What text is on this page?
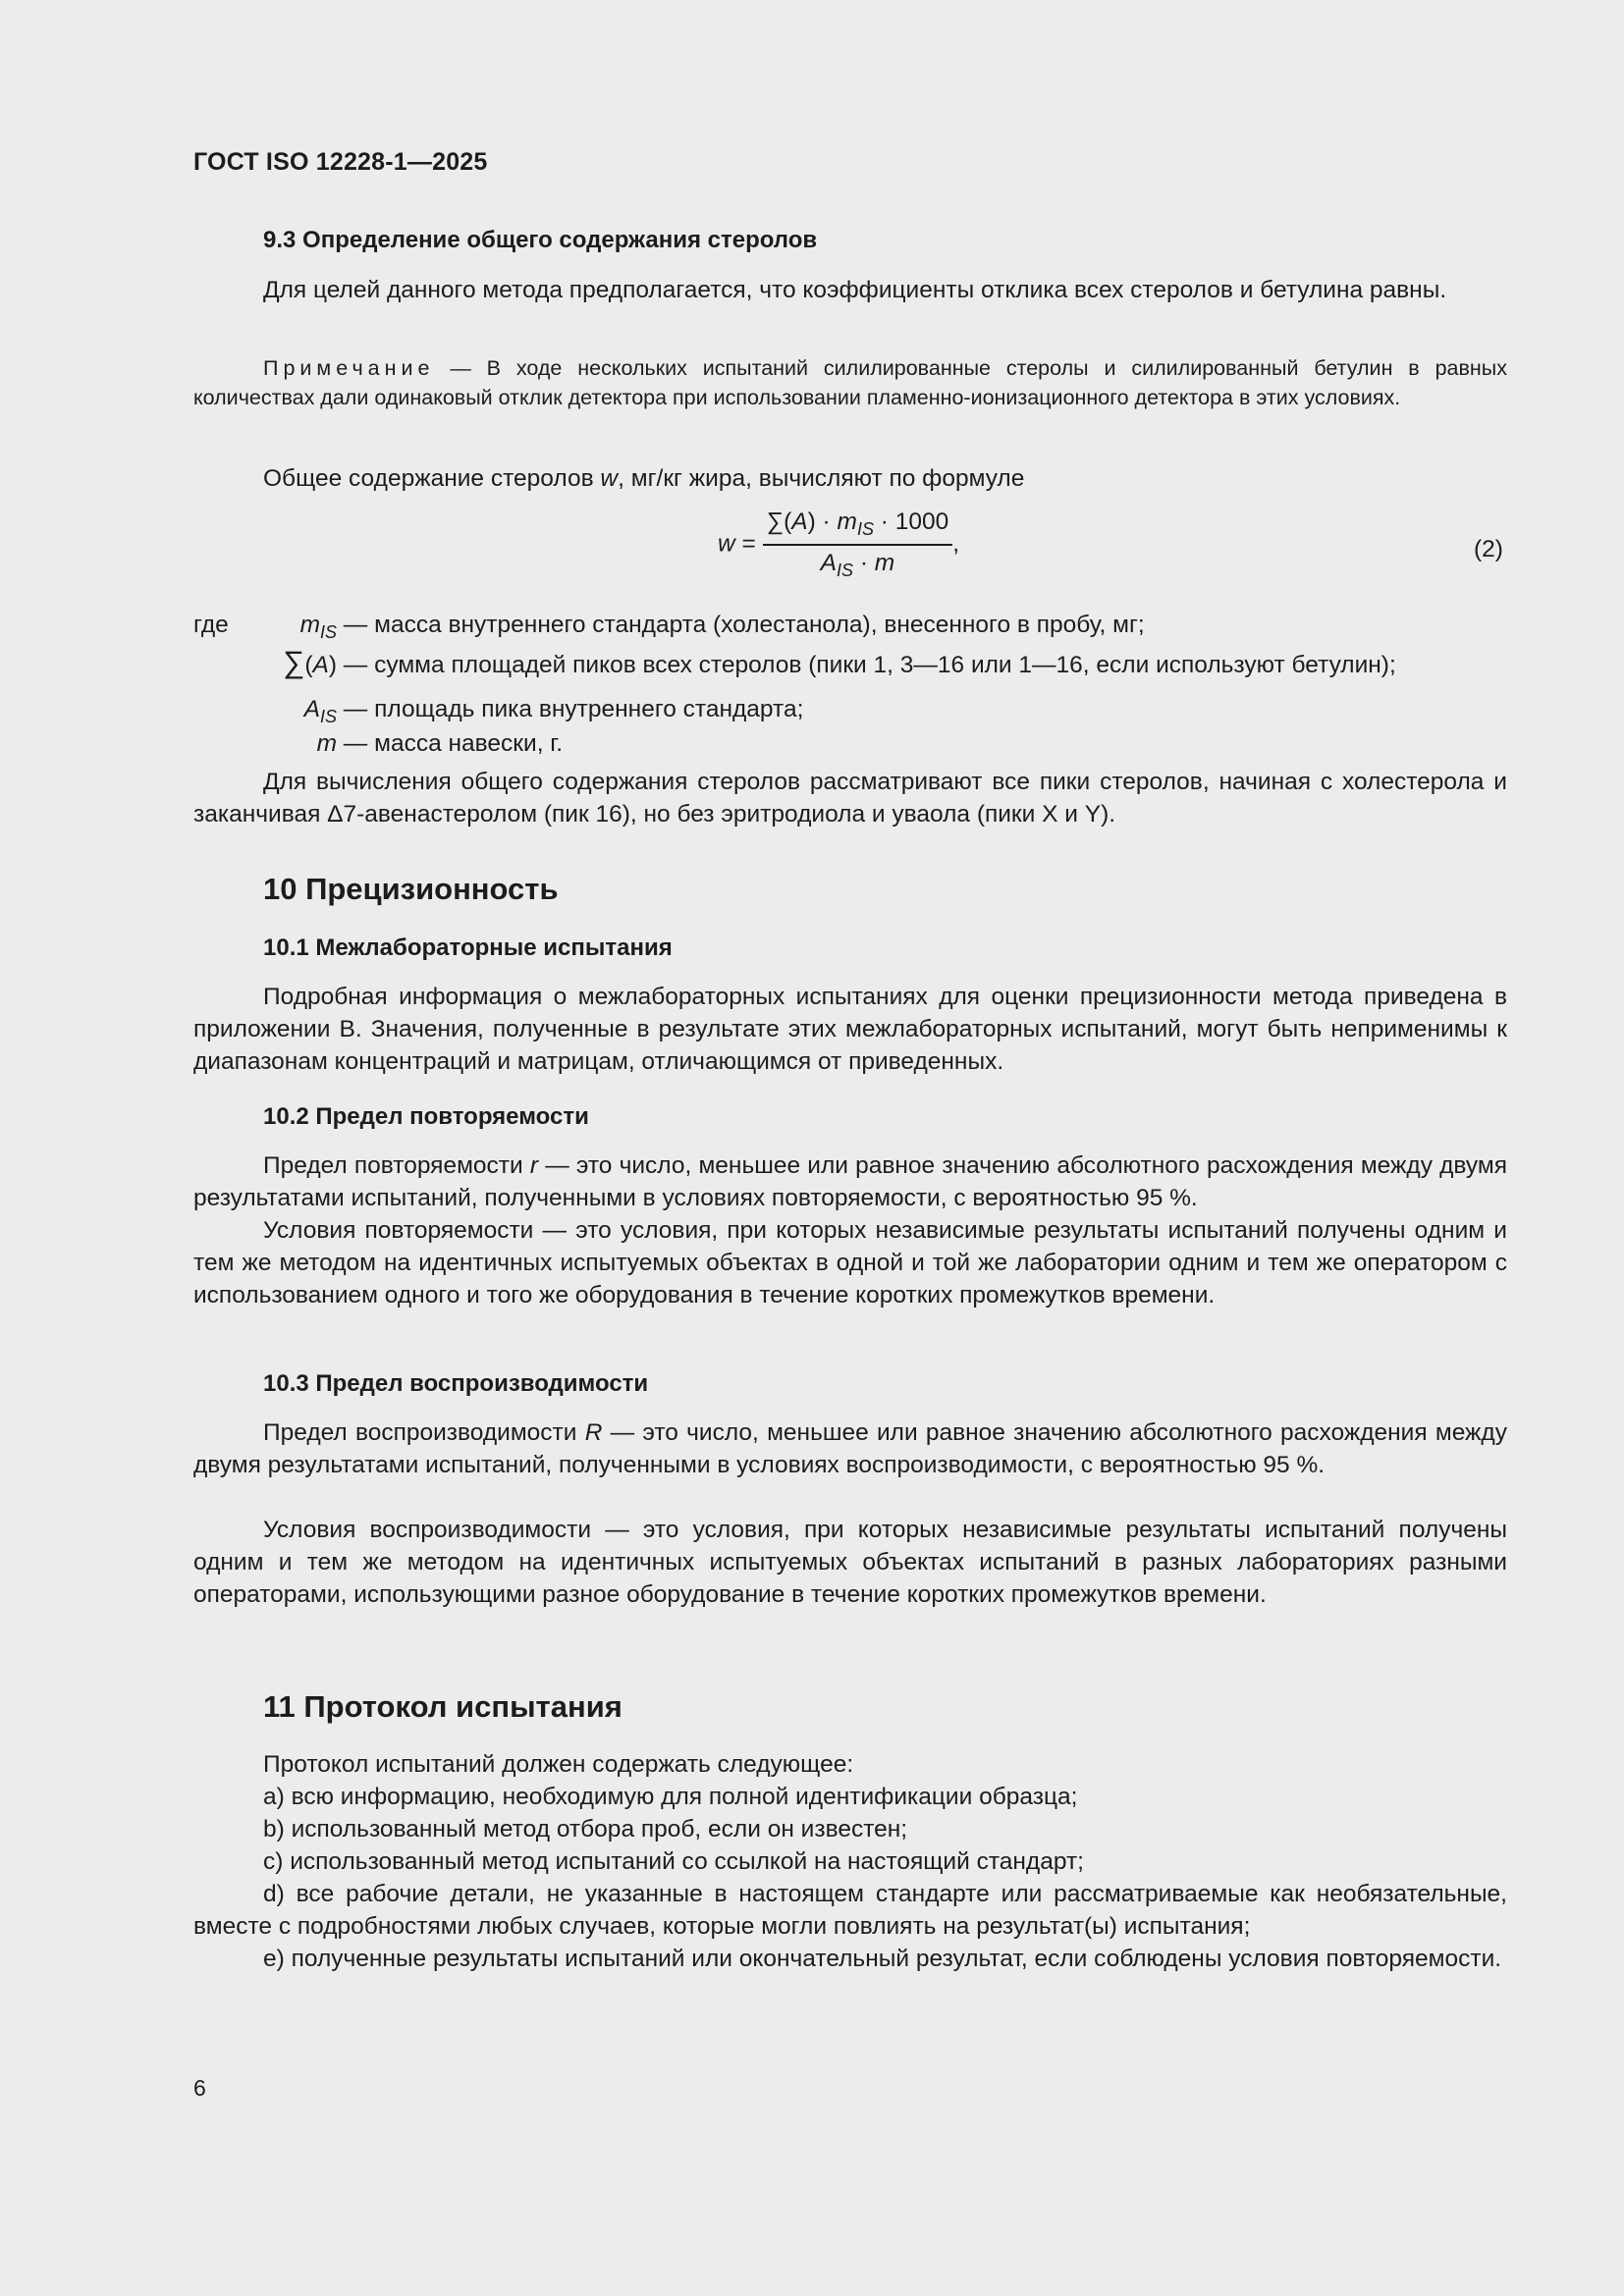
ГОСТ ISO 12228-1—2025
9.3 Определение общего содержания стеролов

Для целей данного метода предполагается, что коэффициенты отклика всех стеролов и бетулина равны.

Примечание — В ходе нескольких испытаний силилированные стеролы и силилированный бетулин в равных количествах дали одинаковый отклик детектора при использовании пламенно-ионизационного детектора в этих условиях.

Общее содержание стеролов w, мг/кг жира, вычисляют по формуле

$w = \frac{\sum(A) \cdot m_{IS} \cdot 1000}{A_{IS} \cdot m}$ ,	(2)
где	$m_{IS}$ — масса внутреннего стандарта (холестанола), внесенного в пробу, мг;
∑(A) — сумма площадей пиков всех стеролов (пики 1, 3—16 или 1—16, если используют бетулин);
$A_{IS}$ — площадь пика внутреннего стандарта;
m — масса навески, г.

Для вычисления общего содержания стеролов рассматривают все пики стеролов, начиная с холестерола и заканчивая Δ7-авенастеролом (пик 16), но без эритродиола и уваола (пики X и Y).

10 Прецизионность
10.1 Межлабораторные испытания

Подробная информация о межлабораторных испытаниях для оценки прецизионности метода приведена в приложении В. Значения, полученные в результате этих межлабораторных испытаний, могут быть неприменимы к диапазонам концентраций и матрицам, отличающимся от приведенных.

10.2 Предел повторяемости

Предел повторяемости r — это число, меньшее или равное значению абсолютного расхождения между двумя результатами испытаний, полученными в условиях повторяемости, с вероятностью 95 %.

Условия повторяемости — это условия, при которых независимые результаты испытаний получены одним и тем же методом на идентичных испытуемых объектах в одной и той же лаборатории одним и тем же оператором с использованием одного и того же оборудования в течение коротких промежутков времени.

10.3 Предел воспроизводимости

Предел воспроизводимости R — это число, меньшее или равное значению абсолютного расхождения между двумя результатами испытаний, полученными в условиях воспроизводимости, с вероятностью 95 %.

Условия воспроизводимости — это условия, при которых независимые результаты испытаний получены одним и тем же методом на идентичных испытуемых объектах испытаний в разных лабораториях разными операторами, использующими разное оборудование в течение коротких промежутков времени.

11 Протокол испытания

Протокол испытаний должен содержать следующее:

а) всю информацию, необходимую для полной идентификации образца;

b) использованный метод отбора проб, если он известен;

c) использованный метод испытаний со ссылкой на настоящий стандарт;

d) все рабочие детали, не указанные в настоящем стандарте или рассматриваемые как необязательные, вместе с подробностями любых случаев, которые могли повлиять на результат(ы) испытания;

е) полученные результаты испытаний или окончательный результат, если соблюдены условия повторяемости.

6
